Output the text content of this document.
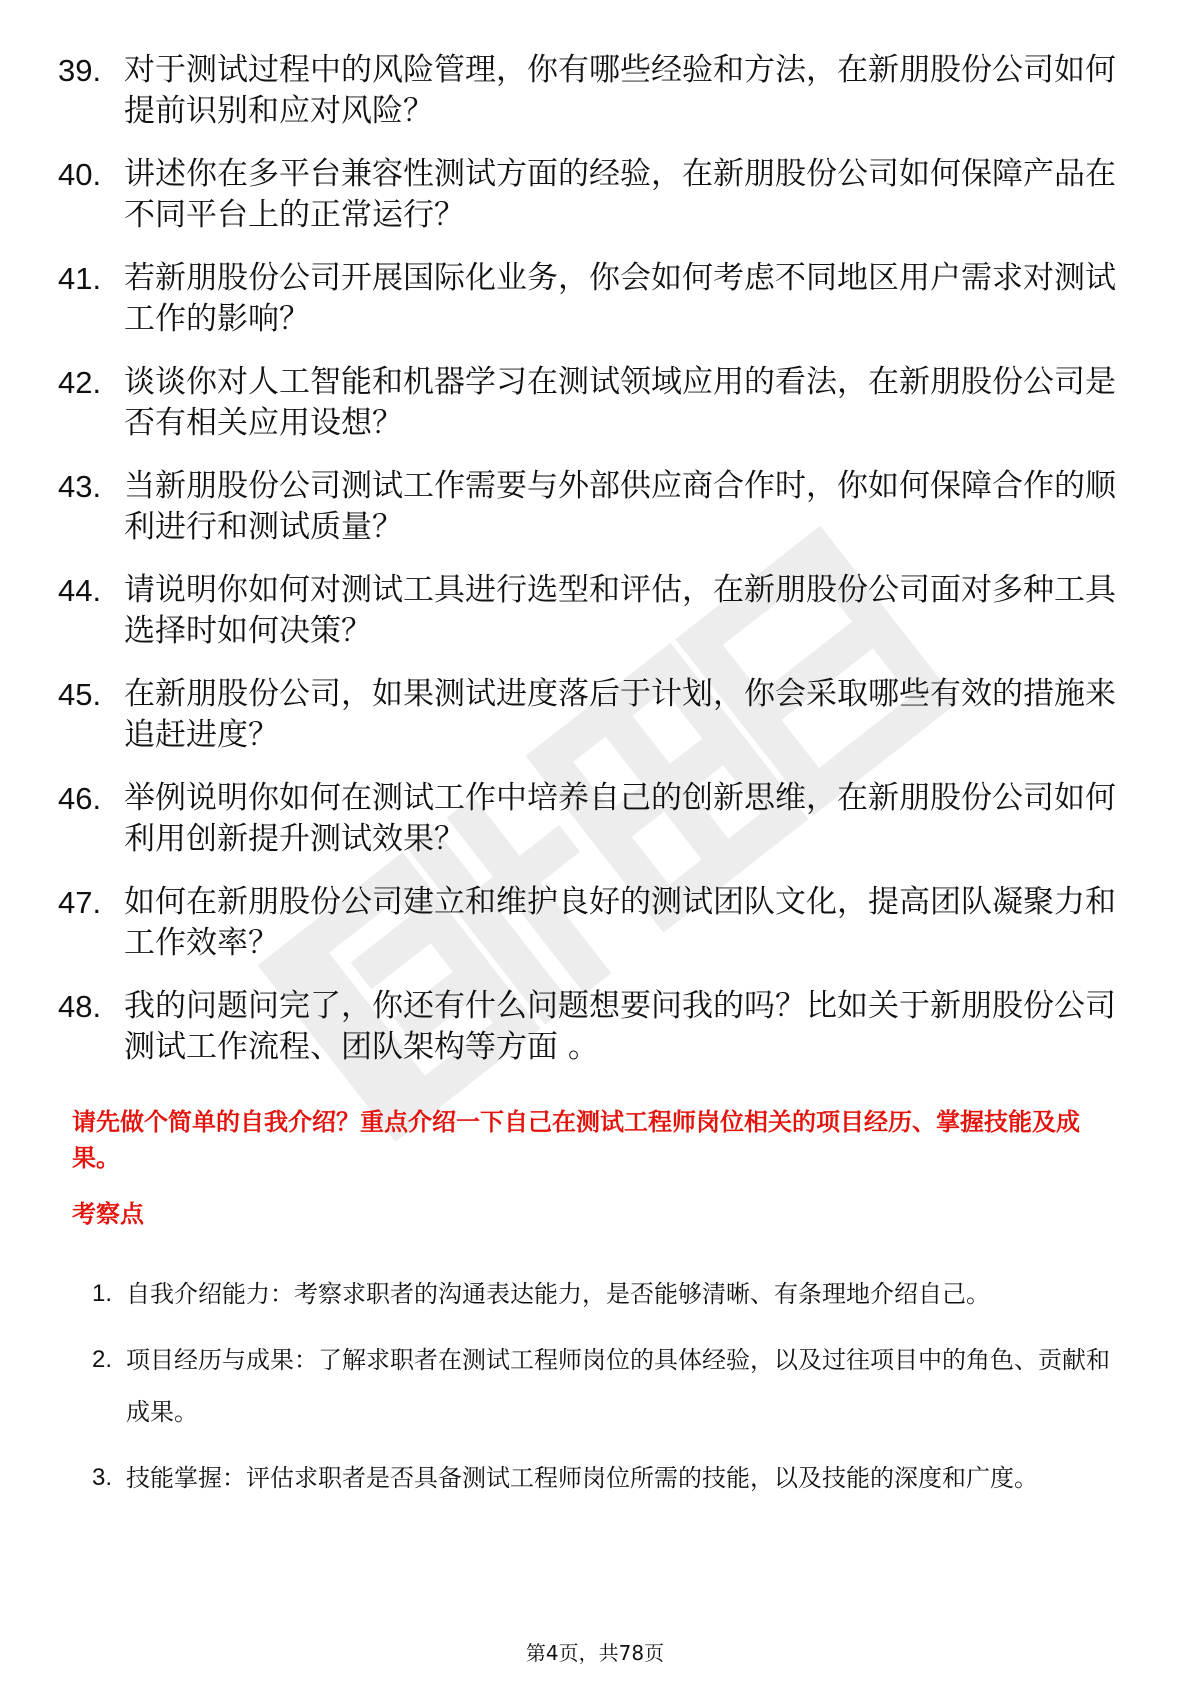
39. 对于测试过程中的风险管理，你有哪些经验和方法，在新朋股份公司如何提前识别和应对风险？
40. 讲述你在多平台兼容性测试方面的经验，在新朋股份公司如何保障产品在不同平台上的正常运行？
41. 若新朋股份公司开展国际化业务，你会如何考虑不同地区用户需求对测试工作的影响？
42. 谈谈你对人工智能和机器学习在测试领域应用的看法，在新朋股份公司是否有相关应用设想？
43. 当新朋股份公司测试工作需要与外部供应商合作时，你如何保障合作的顺利进行和测试质量？
44. 请说明你如何对测试工具进行选型和评估，在新朋股份公司面对多种工具选择时如何决策？
45. 在新朋股份公司，如果测试进度落后于计划，你会采取哪些有效的措施来追赶进度？
46. 举例说明你如何在测试工作中培养自己的创新思维，在新朋股份公司如何利用创新提升测试效果？
47. 如何在新朋股份公司建立和维护良好的测试团队文化，提高团队凝聚力和工作效率？
48. 我的问题问完了，你还有什么问题想要问我的吗？比如关于新朋股份公司测试工作流程、团队架构等方面 。

请先做个简单的自我介绍？重点介绍一下自己在测试工程师岗位相关的项目经历、掌握技能及成果。

考察点
1. 自我介绍能力：考察求职者的沟通表达能力，是否能够清晰、有条理地介绍自己。
2. 项目经历与成果：了解求职者在测试工程师岗位的具体经验，以及过往项目中的角色、贡献和成果。
3. 技能掌握：评估求职者是否具备测试工程师岗位所需的技能，以及技能的深度和广度。
第4页，共78页
